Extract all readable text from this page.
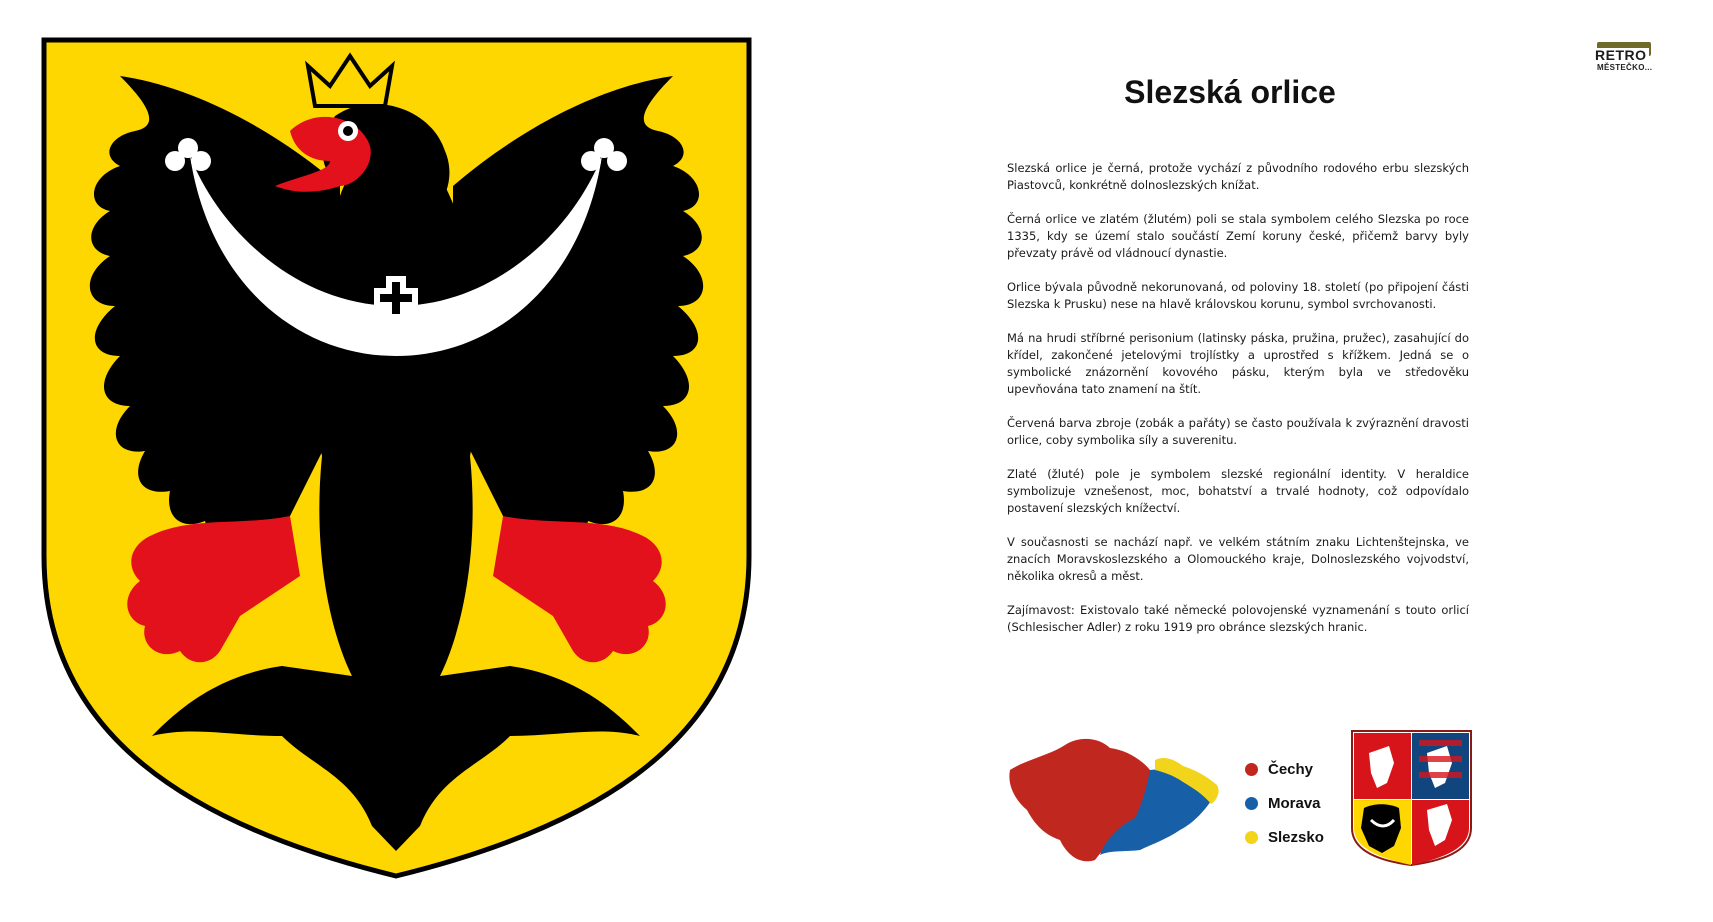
RETRO
MĚSTEČKO...
Slezská orlice

Slezská orlice je černá, protože vychází z původního rodového erbu slezských Piastovců, konkrétně dolnoslezských knížat.

Černá orlice ve zlatém (žlutém) poli se stala symbolem celého Slezska po roce 1335, kdy se území stalo součástí Zemí koruny české, přičemž barvy byly převzaty právě od vládnoucí dynastie.

Orlice bývala původně nekorunovaná, od poloviny 18. století (po připojení části Slezska k Prusku) nese na hlavě královskou korunu, symbol svrchovanosti.

Má na hrudi stříbrné perisonium (latinsky páska, pružina, pružec), zasahující do křídel, zakončené jetelovými trojlístky a uprostřed s křížkem. Jedná se o symbolické znázornění kovového pásku, kterým byla ve středověku upevňována tato znamení na štít.

Červená barva zbroje (zobák a pařáty) se často používala k zvýraznění dravosti orlice, coby symbolika síly a suverenitu.

Zlaté (žluté) pole je symbolem slezské regionální identity. V heraldice symbolizuje vznešenost, moc, bohatství a trvalé hodnoty, což odpovídalo postavení slezských knížectví.

V současnosti se nachází např. ve velkém státním znaku Lichtenštejnska, ve znacích Moravskoslezského a Olomouckého kraje, Dolnoslezského vojvodství, několika okresů a měst.

Zajímavost: Existovalo také německé polovojenské vyznamenání s touto orlicí (Schlesischer Adler) z roku 1919 pro obránce slezských hranic.

Čechy
Morava
Slezsko
